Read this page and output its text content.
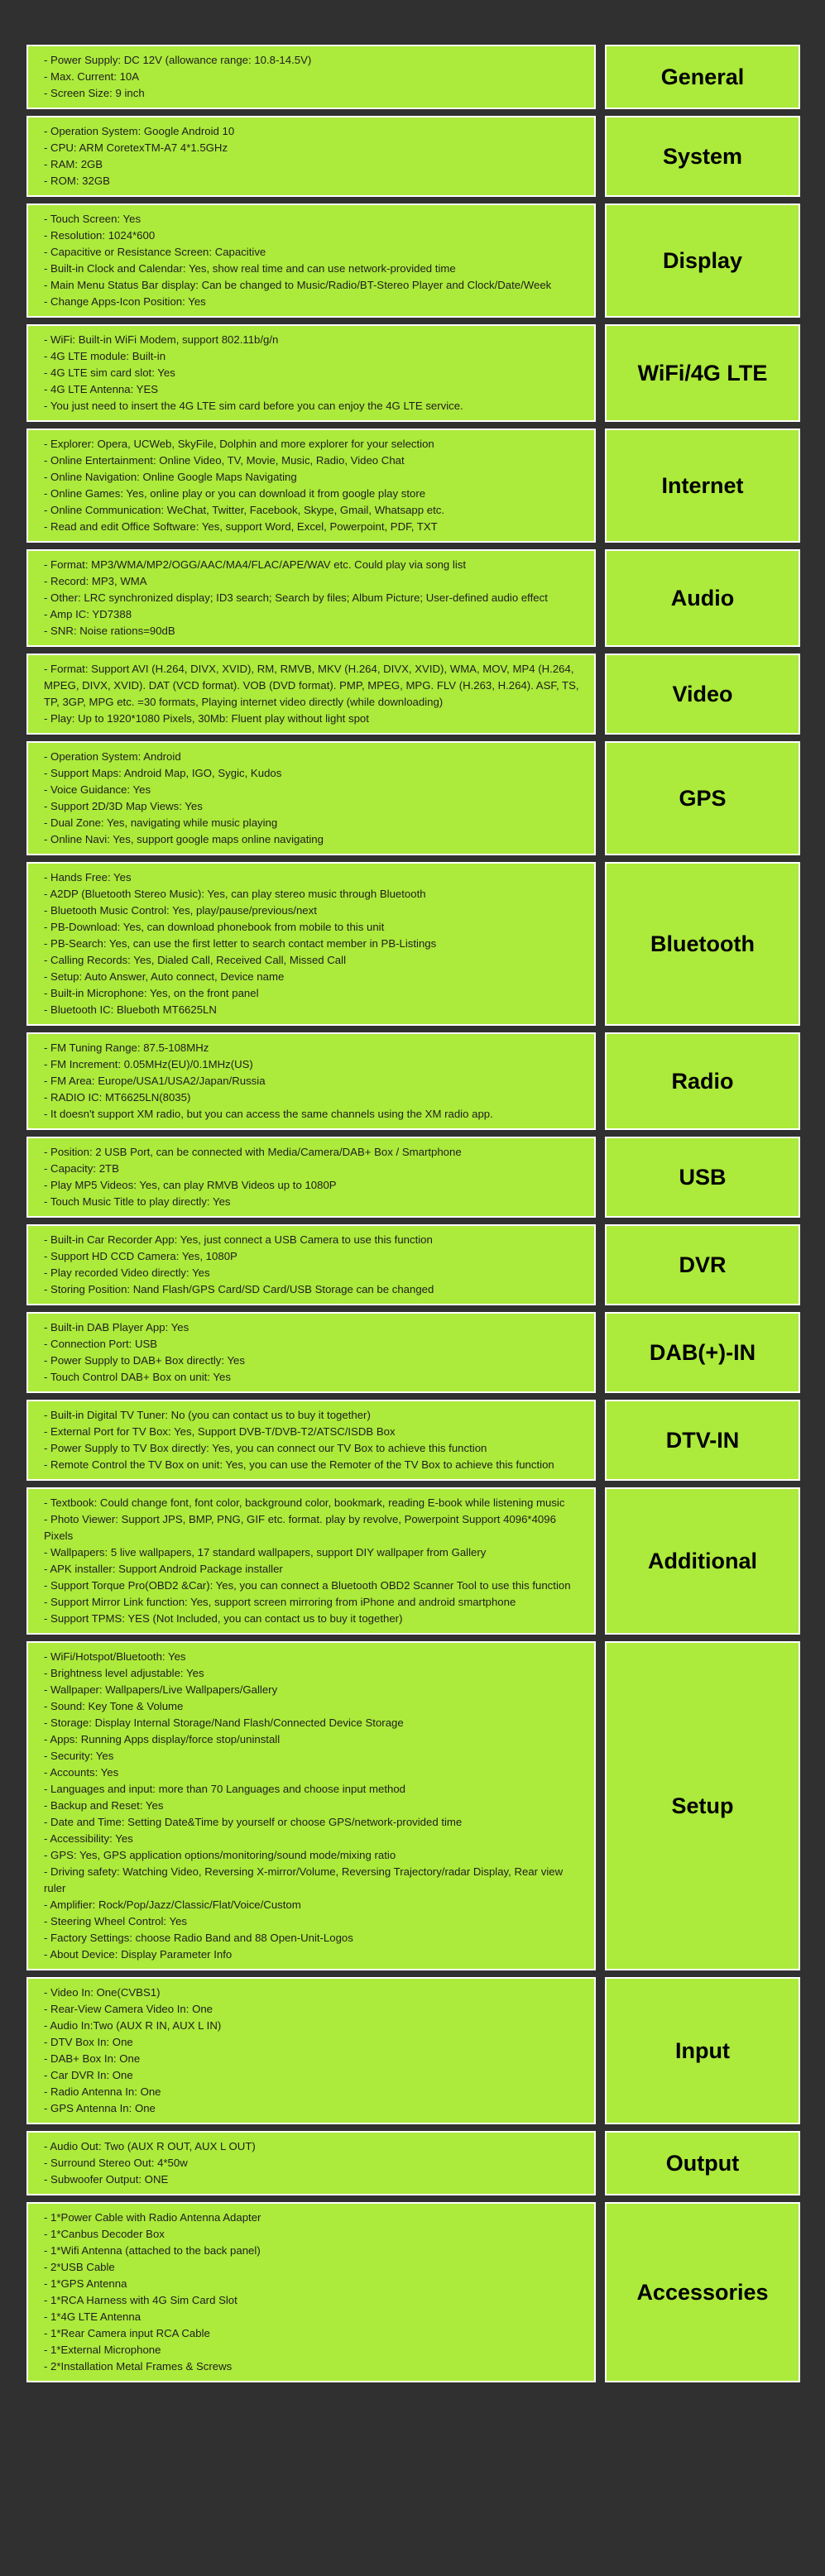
- Power Supply: DC 12V (allowance range: 10.8-14.5V)
- Max. Current: 10A
- Screen Size: 9 inch
General
- Operation System: Google Android 10
- CPU: ARM CoretexTM-A7 4*1.5GHz
- RAM: 2GB
- ROM: 32GB
System
- Touch Screen: Yes
- Resolution: 1024*600
- Capacitive or Resistance Screen: Capacitive
- Built-in Clock and Calendar: Yes, show real time and can use network-provided time
- Main Menu Status Bar display: Can be changed to Music/Radio/BT-Stereo Player and Clock/Date/Week
- Change Apps-Icon Position: Yes
Display
- WiFi: Built-in WiFi Modem, support 802.11b/g/n
- 4G LTE module: Built-in
- 4G LTE sim card slot: Yes
- 4G LTE Antenna: YES
- You just need to insert the 4G LTE sim card before you can enjoy the 4G LTE service.
WiFi/4G LTE
- Explorer: Opera, UCWeb, SkyFile, Dolphin and more explorer for your selection
- Online Entertainment: Online Video, TV, Movie, Music, Radio, Video Chat
- Online Navigation: Online Google Maps Navigating
- Online Games: Yes, online play or you can download it from google play store
- Online Communication: WeChat, Twitter, Facebook, Skype, Gmail, Whatsapp etc.
- Read and edit Office Software: Yes, support Word, Excel, Powerpoint, PDF, TXT
Internet
- Format: MP3/WMA/MP2/OGG/AAC/MA4/FLAC/APE/WAV etc. Could play via song list
- Record: MP3, WMA
- Other: LRC synchronized display; ID3 search; Search by files; Album Picture; User-defined audio effect
- Amp IC: YD7388
- SNR: Noise rations=90dB
Audio
- Format: Support AVI (H.264, DIVX, XVID), RM, RMVB, MKV (H.264, DIVX, XVID), WMA, MOV, MP4 (H.264, MPEG, DIVX, XVID). DAT (VCD format). VOB (DVD format). PMP, MPEG, MPG. FLV (H.263, H.264). ASF, TS, TP, 3GP, MPG etc. =30 formats, Playing internet video directly (while downloading)
- Play: Up to 1920*1080 Pixels, 30Mb: Fluent play without light spot
Video
- Operation System: Android
- Support Maps: Android Map, IGO, Sygic, Kudos
- Voice Guidance: Yes
- Support 2D/3D Map Views: Yes
- Dual Zone: Yes, navigating while music playing
- Online Navi: Yes, support google maps online navigating
GPS
- Hands Free: Yes
- A2DP (Bluetooth Stereo Music): Yes, can play stereo music through Bluetooth
- Bluetooth Music Control: Yes, play/pause/previous/next
- PB-Download: Yes, can download phonebook from mobile to this unit
- PB-Search: Yes, can use the first letter to search contact member in PB-Listings
- Calling Records: Yes, Dialed Call, Received Call, Missed Call
- Setup: Auto Answer, Auto connect, Device name
- Built-in Microphone: Yes, on the front panel
- Bluetooth IC: Blueboth MT6625LN
Bluetooth
- FM Tuning Range: 87.5-108MHz
- FM Increment: 0.05MHz(EU)/0.1MHz(US)
- FM Area: Europe/USA1/USA2/Japan/Russia
- RADIO IC: MT6625LN(8035)
- It doesn't support XM radio, but you can access the same channels using the XM radio app.
Radio
- Position: 2 USB Port, can be connected with Media/Camera/DAB+ Box / Smartphone
- Capacity: 2TB
- Play MP5 Videos: Yes, can play RMVB Videos up to 1080P
- Touch Music Title to play directly: Yes
USB
- Built-in Car Recorder App: Yes, just connect a USB Camera to use this function
- Support HD CCD Camera: Yes, 1080P
- Play recorded Video directly: Yes
- Storing Position: Nand Flash/GPS Card/SD Card/USB Storage can be changed
DVR
- Built-in DAB Player App: Yes
- Connection Port: USB
- Power Supply to DAB+ Box directly: Yes
- Touch Control DAB+ Box on unit: Yes
DAB(+)-IN
- Built-in Digital TV Tuner: No (you can contact us to buy it together)
- External Port for TV Box: Yes, Support DVB-T/DVB-T2/ATSC/ISDB Box
- Power Supply to TV Box directly: Yes, you can connect our TV Box to achieve this function
- Remote Control the TV Box on unit: Yes, you can use the Remoter of the TV Box to achieve this function
DTV-IN
- Textbook: Could change font, font color, background color, bookmark, reading E-book while listening music
- Photo Viewer: Support JPS, BMP, PNG, GIF etc. format. play by revolve, Powerpoint Support 4096*4096 Pixels
- Wallpapers: 5 live wallpapers, 17 standard wallpapers, support DIY wallpaper from Gallery
- APK installer: Support Android Package installer
- Support Torque Pro(OBD2 &Car): Yes, you can connect a Bluetooth OBD2 Scanner Tool to use this function
- Support Mirror Link function: Yes, support screen mirroring from iPhone and android smartphone
- Support TPMS: YES (Not Included, you can contact us to buy it together)
Additional
- WiFi/Hotspot/Bluetooth: Yes
- Brightness level adjustable: Yes
- Wallpaper: Wallpapers/Live Wallpapers/Gallery
- Sound: Key Tone & Volume
- Storage: Display Internal Storage/Nand Flash/Connected Device Storage
- Apps: Running Apps display/force stop/uninstall
- Security: Yes
- Accounts: Yes
- Languages and input: more than 70 Languages and choose input method
- Backup and Reset: Yes
- Date and Time: Setting Date&Time by yourself or choose GPS/network-provided time
- Accessibility: Yes
- GPS: Yes, GPS application options/monitoring/sound mode/mixing ratio
- Driving safety: Watching Video, Reversing X-mirror/Volume, Reversing Trajectory/radar Display, Rear view ruler
- Amplifier: Rock/Pop/Jazz/Classic/Flat/Voice/Custom
- Steering Wheel Control: Yes
- Factory Settings: choose Radio Band and 88 Open-Unit-Logos
- About Device: Display Parameter Info
Setup
- Video In: One(CVBS1)
- Rear-View Camera Video In: One
- Audio In:Two (AUX R IN, AUX L IN)
- DTV Box In: One
- DAB+ Box In: One
- Car DVR In: One
- Radio Antenna In: One
- GPS Antenna In: One
Input
- Audio Out: Two (AUX R OUT, AUX L OUT)
- Surround Stereo Out: 4*50w
- Subwoofer Output: ONE
Output
- 1*Power Cable with Radio Antenna Adapter
- 1*Canbus Decoder Box
- 1*Wifi Antenna (attached to the back panel)
- 2*USB Cable
- 1*GPS Antenna
- 1*RCA Harness with 4G Sim Card Slot
- 1*4G LTE Antenna
- 1*Rear Camera input RCA Cable
- 1*External Microphone
- 2*Installation Metal Frames & Screws
Accessories
